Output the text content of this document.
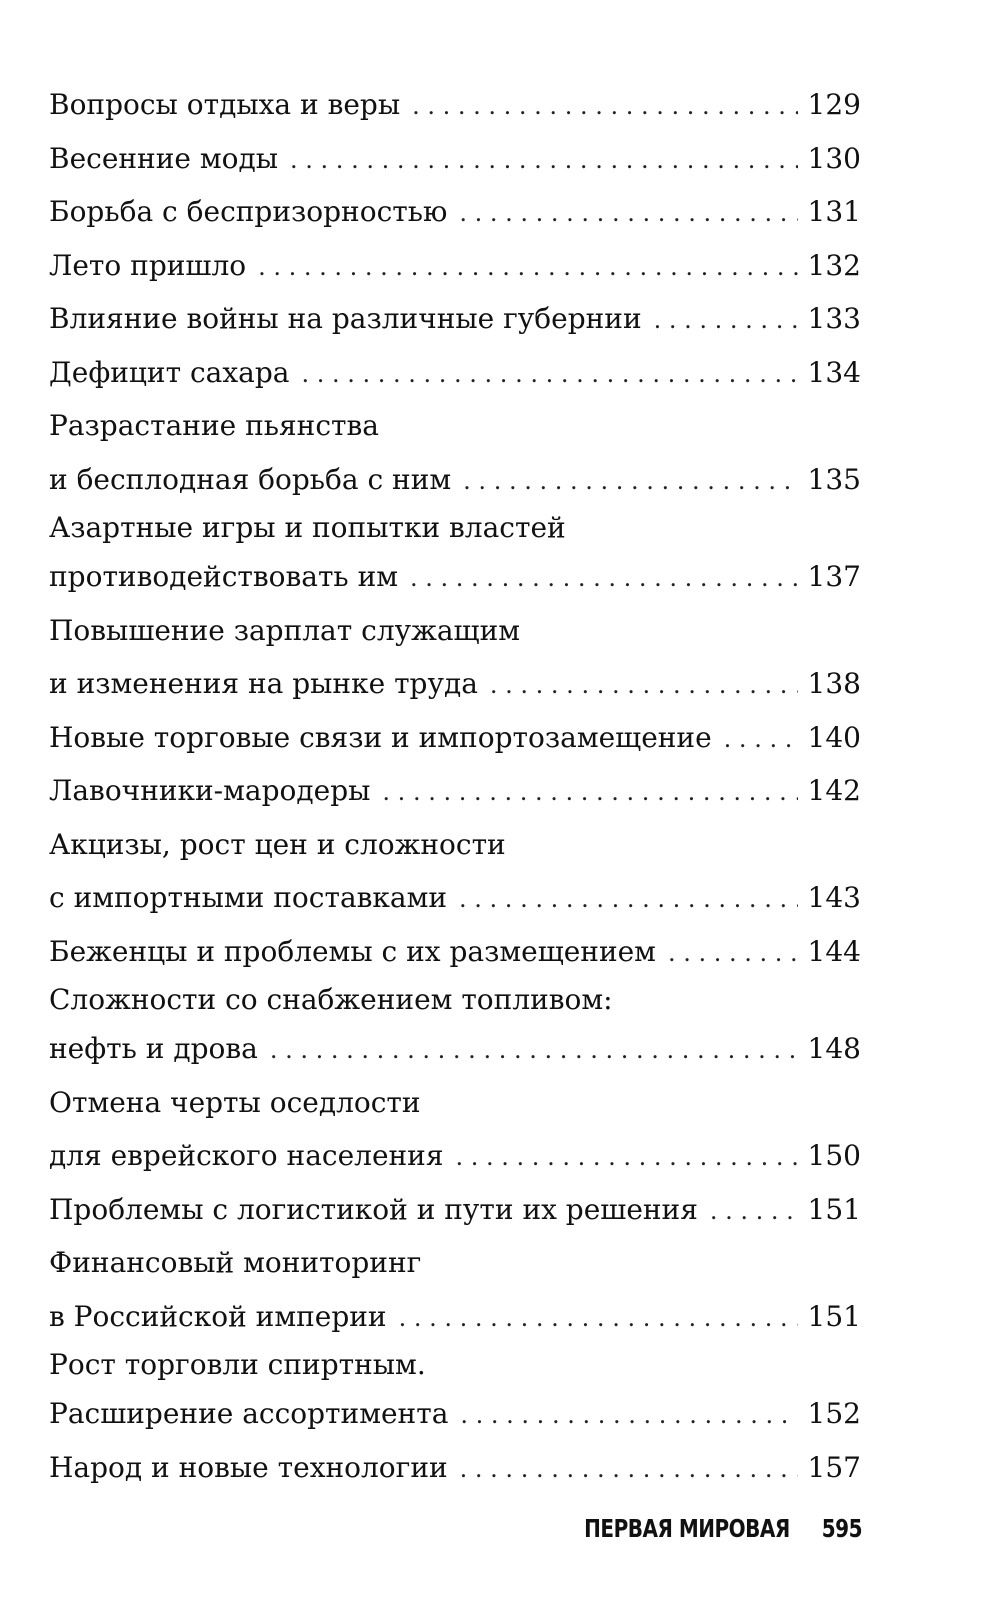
Вопросы отдыха и веры . . .	129
Весенние моды . . .	130
Борьба с беспризорностью . . .	131
Лето пришло . . .	132
Влияние войны на различные губернии . . .	133
Дефицит сахара . . .	134
Разрастание пьянства
и бесплодная борьба с ним . . .	135
Азартные игры и попытки властей
противодействовать им . . .	137
Повышение зарплат служащим
и изменения на рынке труда . . .	138
Новые торговые связи и импортозамещение . . .	140
Лавочники-мародеры . . .	142
Акцизы, рост цен и сложности
с импортными поставками . . .	143
Беженцы и проблемы с их размещением . . .	144
Сложности со снабжением топливом:
нефть и дрова . . .	148
Отмена черты оседлости
для еврейского населения . . .	150
Проблемы с логистикой и пути их решения . . .	151
Финансовый мониторинг
в Российской империи . . .	151
Рост торговли спиртным.
Расширение ассортимента . . .	152
Народ и новые технологии . . .	157
ПЕРВАЯ МИРОВАЯ 595
